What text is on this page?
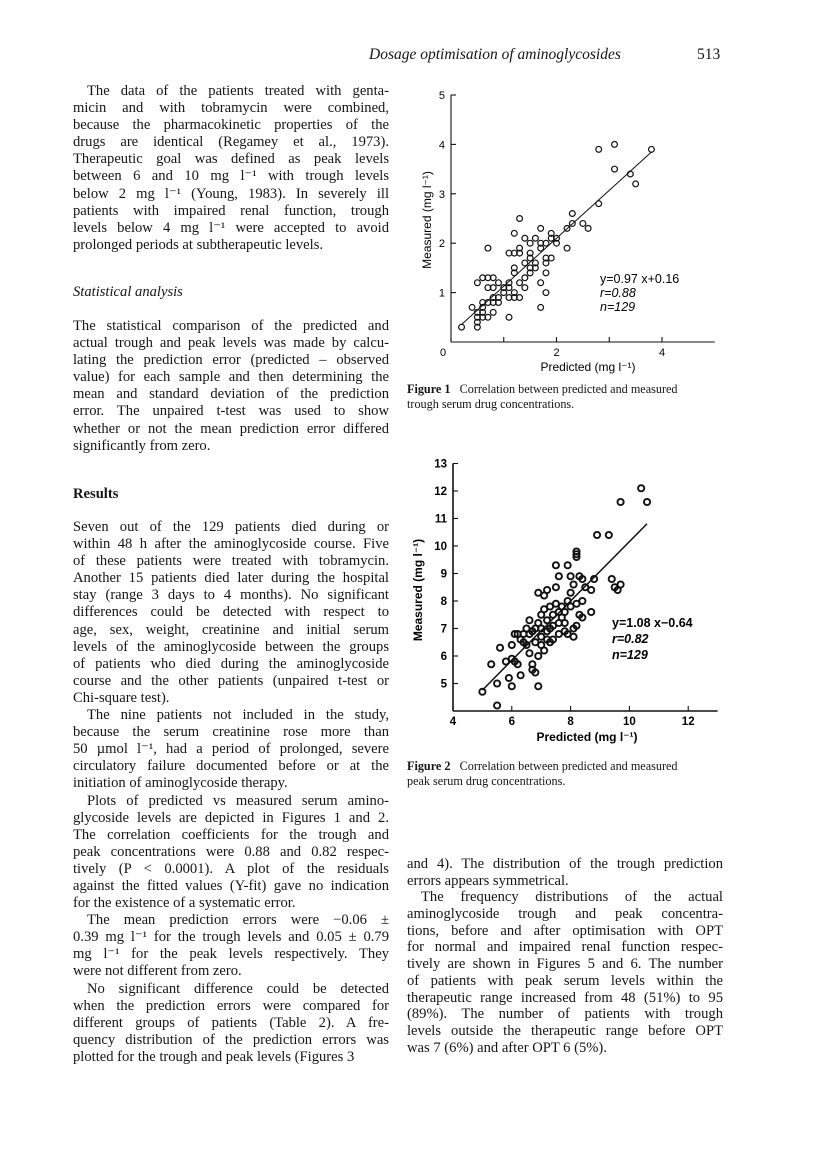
Dosage optimisation of aminoglycosides	513
The data of the patients treated with genta-
micin and with tobramycin were combined,
because the pharmacokinetic properties of the
drugs are identical (Regamey et al., 1973).
Therapeutic goal was defined as peak levels
between 6 and 10 mg l⁻¹ with trough levels
below 2 mg l⁻¹ (Young, 1983). In severely ill
patients with impaired renal function, trough
levels below 4 mg l⁻¹ were accepted to avoid
prolonged periods at subtherapeutic levels.
Statistical analysis
The statistical comparison of the predicted and
actual trough and peak levels was made by calcu-
lating the prediction error (predicted – observed
value) for each sample and then determining the
mean and standard deviation of the prediction
error. The unpaired t-test was used to show
whether or not the mean prediction error differed
significantly from zero.
Results
Seven out of the 129 patients died during or
within 48 h after the aminoglycoside course. Five
of these patients were treated with tobramycin.
Another 15 patients died later during the hospital
stay (range 3 days to 4 months). No significant
differences could be detected with respect to
age, sex, weight, creatinine and initial serum
levels of the aminoglycoside between the groups
of patients who died during the aminoglycoside
course and the other patients (unpaired t-test or
Chi-square test).
The nine patients not included in the study,
because the serum creatinine rose more than
50 µmol l⁻¹, had a period of prolonged, severe
circulatory failure documented before or at the
initiation of aminoglycoside therapy.
Plots of predicted vs measured serum amino-
glycoside levels are depicted in Figures 1 and 2.
The correlation coefficients for the trough and
peak concentrations were 0.88 and 0.82 respec-
tively (P < 0.0001). A plot of the residuals
against the fitted values (Y-fit) gave no indication
for the existence of a systematic error.
The mean prediction errors were −0.06 ±
0.39 mg l⁻¹ for the trough levels and 0.05 ± 0.79
mg l⁻¹ for the peak levels respectively. They
were not different from zero.
No significant difference could be detected
when the prediction errors were compared for
different groups of patients (Table 2). A fre-
quency distribution of the prediction errors was
plotted for the trough and peak levels (Figures 3
1
2
3
4
5
0	2	4
Predicted (mg l⁻¹)
Measured (mg l⁻¹)
y=0.97 x+0.16
r=0.88
n=129
Figure 1 Correlation between predicted and measured
trough serum drug concentrations.
5
6
7
8
9
10
11
12
13
4	6	8	10	12
Predicted (mg l⁻¹)
Measured (mg l⁻¹)	y=1.08 x−0.64
r=0.82
n=129
Figure 2 Correlation between predicted and measured
peak serum drug concentrations.
and 4). The distribution of the trough prediction
errors appears symmetrical.
The frequency distributions of the actual
aminoglycoside trough and peak concentra-
tions, before and after optimisation with OPT
for normal and impaired renal function respec-
tively are shown in Figures 5 and 6. The number
of patients with peak serum levels within the
therapeutic range increased from 48 (51%) to 95
(89%). The number of patients with trough
levels outside the therapeutic range before OPT
was 7 (6%) and after OPT 6 (5%).
